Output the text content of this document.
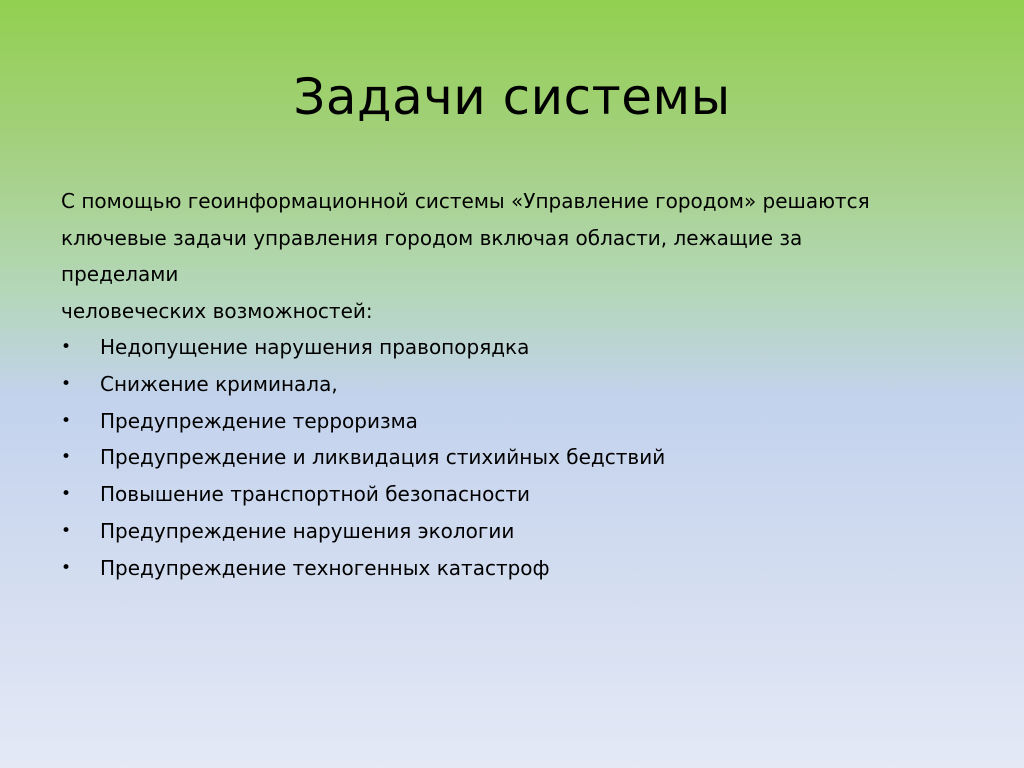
Задачи системы

С помощью геоинформационной системы «Управление городом» решаются
ключевые задачи управления городом включая области, лежащие за пределами
человеческих возможностей:

• Недопущение нарушения правопорядка
• Снижение криминала,
• Предупреждение терроризма
• Предупреждение и ликвидация стихийных бедствий
• Повышение транспортной безопасности
• Предупреждение нарушения экологии
• Предупреждение техногенных катастроф
